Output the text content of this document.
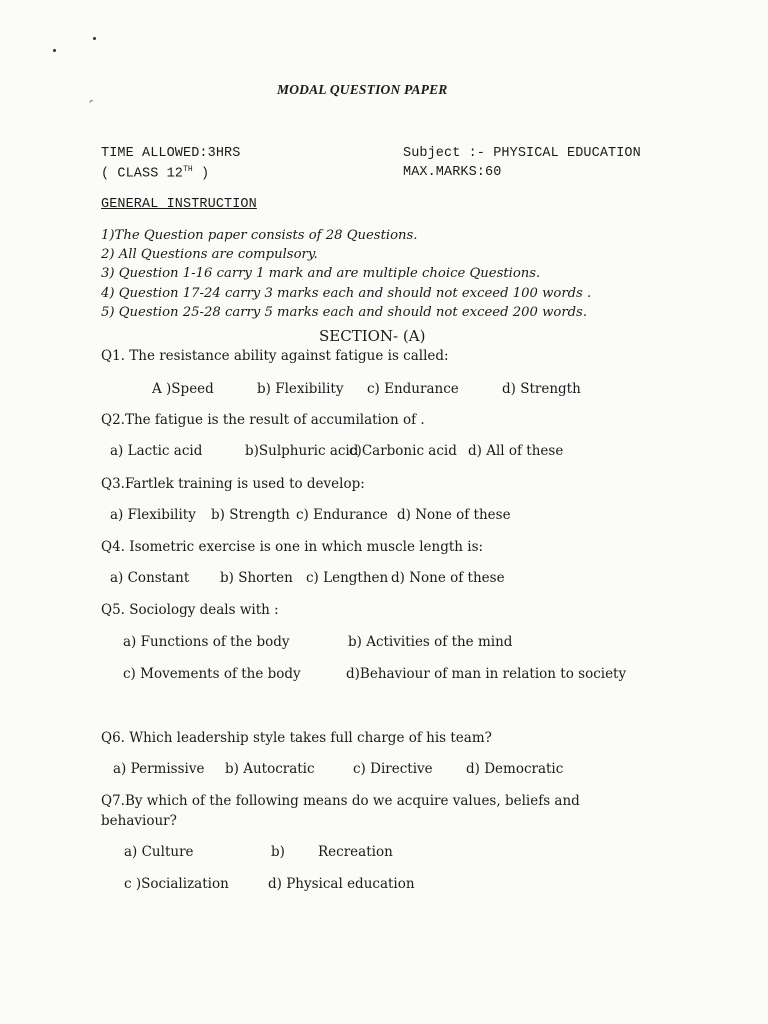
ꞈ	MODAL QUESTION PAPER
TIME ALLOWED:3HRS	Subject :- PHYSICAL EDUCATION
( CLASS 12TH )	MAX.MARKS:60
GENERAL INSTRUCTION
1)The Question paper consists of 28 Questions.
2) All Questions are compulsory.
3) Question 1-16 carry 1 mark and are multiple choice Questions.
4) Question 17-24 carry 3 marks each and should not exceed 100 words .
5) Question 25-28 carry 5 marks each and should not exceed 200 words.
SECTION- (A)
Q1. The resistance ability against fatigue is called:
A )Speed	b) Flexibility c) Endurance	d) Strength
Q2.The fatigue is the result of accumilation of .
a) Lactic acid	b)Sulphuric acid
c)Carbonic acid d) All of these
Q3.Fartlek training is used to develop:
a) Flexibility b) Strength c) Endurance d) None of these
Q4. Isometric exercise is one in which muscle length is:
a) Constant b) Shorten c) Lengthen d) None of these
Q5. Sociology deals with :
a) Functions of the body	b) Activities of the mind
c) Movements of the body	d)Behaviour of man in relation to society
Q6. Which leadership style takes full charge of his team?
a) Permissive b) Autocratic	c) Directive d) Democratic
Q7.By which of the following means do we acquire values, beliefs and
behaviour?
a) Culture	b) Recreation
c )Socialization	d) Physical education
